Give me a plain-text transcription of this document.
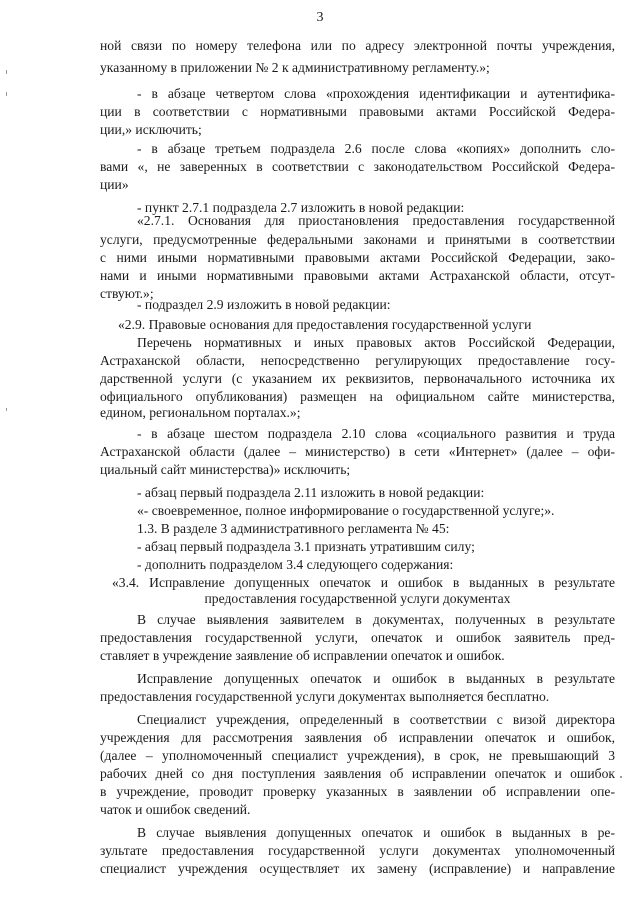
3
ной связи по номеру телефона или по адресу электронной почты учреждения,
указанному в приложении № 2 к административному регламенту.»;
- в абзаце четвертом слова «прохождения идентификации и аутентифика-
ции в соответствии с нормативными правовыми актами Российской Федера-
ции,» исключить;
- в абзаце третьем подраздела 2.6 после слова «копиях» дополнить сло-
вами «, не заверенных в соответствии с законодательством Российской Федера-
ции»
- пункт 2.7.1 подраздела 2.7 изложить в новой редакции:
«2.7.1. Основания для приостановления предоставления государственной
услуги, предусмотренные федеральными законами и принятыми в соответствии
с ними иными нормативными правовыми актами Российской Федерации, зако-
нами и иными нормативными правовыми актами Астраханской области, отсут-
ствуют.»;
- подраздел 2.9 изложить в новой редакции:
«2.9. Правовые основания для предоставления государственной услуги
Перечень нормативных и иных правовых актов Российской Федерации,
Астраханской области, непосредственно регулирующих предоставление госу-
дарственной услуги (с указанием их реквизитов, первоначального источника их
официального опубликования) размещен на официальном сайте министерства,
едином, региональном порталах.»;
- в абзаце шестом подраздела 2.10 слова «социального развития и труда
Астраханской области (далее – министерство) в сети «Интернет» (далее – офи-
циальный сайт министерства)» исключить;
- абзац первый подраздела 2.11 изложить в новой редакции:
«- своевременное, полное информирование о государственной услуге;».
1.3. В разделе 3 административного регламента № 45:
- абзац первый подраздела 3.1 признать утратившим силу;
- дополнить подразделом 3.4 следующего содержания:
«3.4. Исправление допущенных опечаток и ошибок в выданных в результате
предоставления государственной услуги документах
В случае выявления заявителем в документах, полученных в результате
предоставления государственной услуги, опечаток и ошибок заявитель пред-
ставляет в учреждение заявление об исправлении опечаток и ошибок.
Исправление допущенных опечаток и ошибок в выданных в результате
предоставления государственной услуги документах выполняется бесплатно.
Специалист учреждения, определенный в соответствии с визой директора
учреждения для рассмотрения заявления об исправлении опечаток и ошибок,
(далее – уполномоченный специалист учреждения), в срок, не превышающий 3
рабочих дней со дня поступления заявления об исправлении опечаток и ошибок
в учреждение, проводит проверку указанных в заявлении об исправлении опе-
чаток и ошибок сведений.
В случае выявления допущенных опечаток и ошибок в выданных в ре-
зультате предоставления государственной услуги документах уполномоченный
специалист учреждения осуществляет их замену (исправление) и направление
